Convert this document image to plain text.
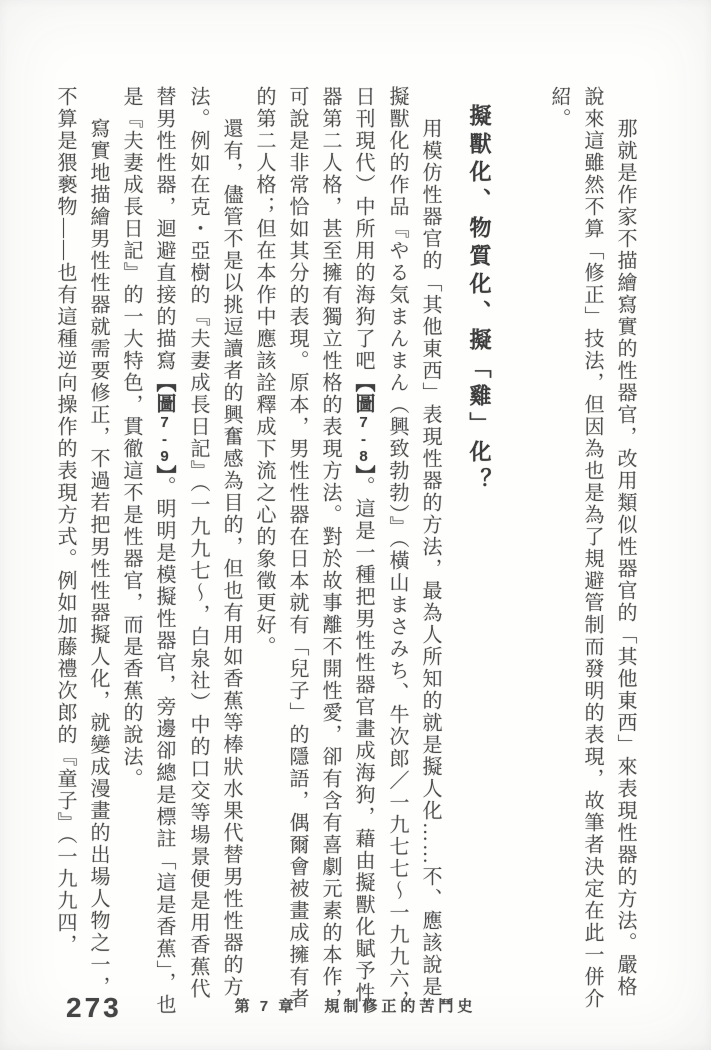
那就是作家不描繪寫實的性器官，改用類似性器官的「其他東西」來表現性器的方法。嚴格說來這雖然不算「修正」技法，但因為也是為了規避管制而發明的表現，故筆者決定在此一併介紹。

擬獸化、物質化、擬「雞」化？

用模仿性器官的「其他東西」表現性器的方法，最為人所知的就是擬人化……不、應該說是擬獸化的作品『やる気まんまん（興致勃勃）』（橫山まさみち、牛次郎／一九七七～一九九六，日刊現代）中所用的海狗了吧【圖7-8】。這是一種把男性性器官畫成海狗，藉由擬獸化賦予性器第二人格，甚至擁有獨立性格的表現方法。對於故事離不開性愛，卻有含有喜劇元素的本作，可說是非常恰如其分的表現。原本，男性性器在日本就有「兒子」的隱語，偶爾會被畫成擁有者的第二人格；但在本作中應該詮釋成下流之心的象徵更好。

還有，儘管不是以挑逗讀者的興奮感為目的，但也有用如香蕉等棒狀水果代替男性性器的方法。例如在克・亞樹的『夫妻成長日記』（一九九七～，白泉社）中的口交等場景便是用香蕉代替男性性器，迴避直接的描寫【圖7-9】。明明是模擬性器官，旁邊卻總是標註「這是香蕉」，也是『夫妻成長日記』的一大特色，貫徹這不是性器官，而是香蕉的說法。

寫實地描繪男性性器就需要修正，不過若把男性性器擬人化，就變成漫畫的出場人物之一，不算是猥褻物——也有這種逆向操作的表現方式。例如加藤禮次郎的『童子』（一九九四，

273	第 7 章 規制修正的苦鬥史
